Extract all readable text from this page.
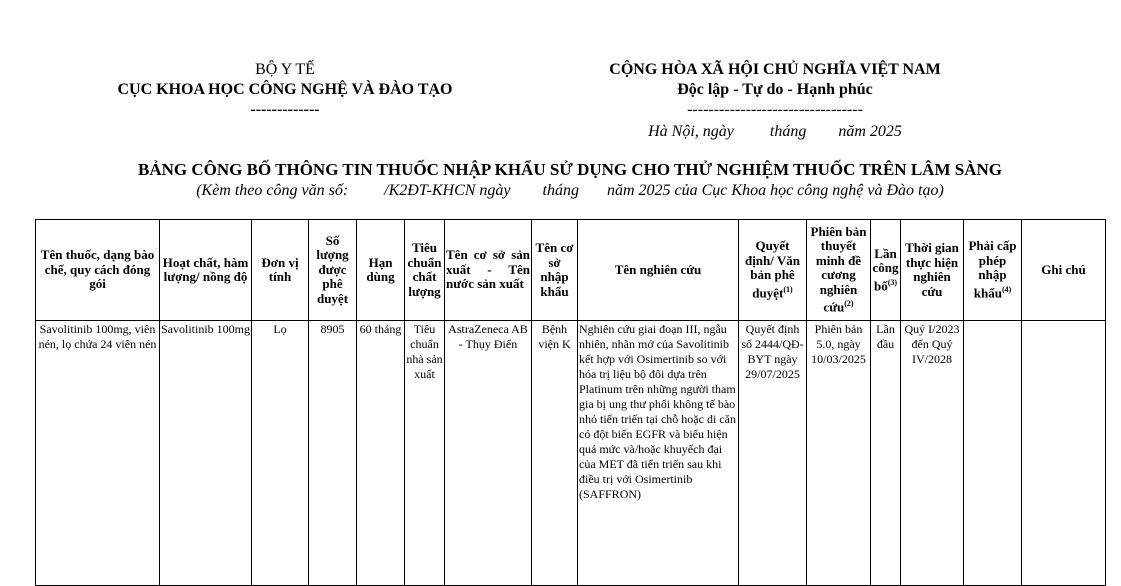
BỘ Y TẾ
CỤC KHOA HỌC CÔNG NGHỆ VÀ ĐÀO TẠO
-------------
CỘNG HÒA XÃ HỘI CHỦ NGHĨA VIỆT NAM
Độc lập - Tự do - Hạnh phúc
---------------------------------
Hà Nội, ngày         tháng        năm 2025
BẢNG CÔNG BỐ THÔNG TIN THUỐC NHẬP KHẨU SỬ DỤNG CHO THỬ NGHIỆM THUỐC TRÊN LÂM SÀNG
(Kèm theo công văn số:         /K2ĐT-KHCN ngày        tháng       năm 2025 của Cục Khoa học công nghệ và Đào tạo)
Tên thuốc, dạng bào chế, quy cách đóng gói	Hoạt chất, hàm lượng/ nồng độ	Đơn vị tính	Số lượng được phê duyệt	Hạn dùng	Tiêu chuẩn chất lượng	Tên cơ sở sản xuất - Tên nước sản xuất	Tên cơ sở nhập khẩu	Tên nghiên cứu	Quyết định/ Văn bản phê duyệt$^{(1)}$	Phiên bản thuyết minh đề cương nghiên cứu$^{(2)}$	Lần công bố$^{(3)}$	Thời gian thực hiện nghiên cứu	Phải cấp phép nhập khẩu$^{(4)}$	Ghi chú
Savolitinib 100mg, viên nén, lọ chứa 24 viên nén	Savolitinib 100mg	Lọ	8905	60 tháng	Tiêu chuẩn nhà sản xuất	AstraZeneca AB - Thụy Điển	Bệnh viện K	Nghiên cứu giai đoạn III, ngẫu nhiên, nhãn mở của Savolitinib kết hợp với Osimertinib so với hóa trị liệu bộ đôi dựa trên Platinum trên những người tham gia bị ung thư phổi không tế bào nhỏ tiến triển tại chỗ hoặc di căn có đột biến EGFR và biểu hiện quá mức và/hoặc khuyếch đại của MET đã tiến triển sau khi điều trị với Osimertinib (SAFFRON)	Quyết định số 2444/QĐ-BYT ngày 29/07/2025	Phiên bản 5.0, ngày 10/03/2025	Lần đầu	Quý I/2023 đến Quý IV/2028		
